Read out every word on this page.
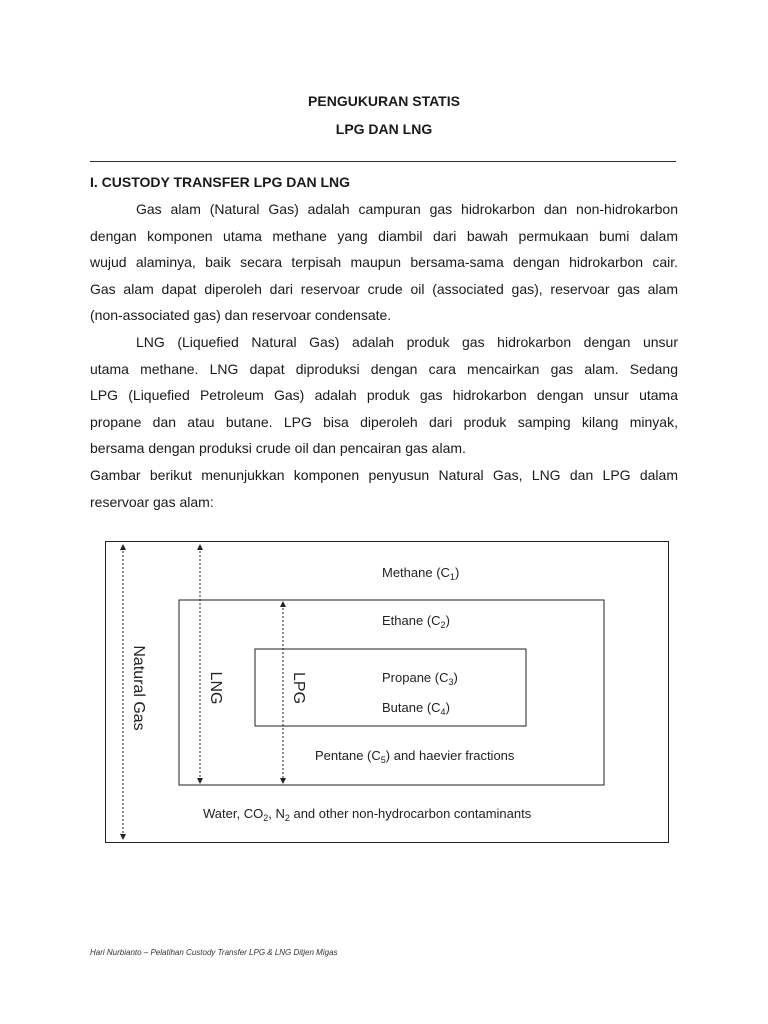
PENGUKURAN STATIS
LPG DAN LNG
I. CUSTODY TRANSFER LPG DAN LNG
Gas alam (Natural Gas) adalah campuran gas hidrokarbon dan non-hidrokarbon
dengan komponen utama methane yang diambil dari bawah permukaan bumi dalam
wujud alaminya, baik secara terpisah maupun bersama-sama dengan hidrokarbon cair.
Gas alam dapat diperoleh dari reservoar crude oil (associated gas), reservoar gas alam
(non-associated gas) dan reservoar condensate.
LNG (Liquefied Natural Gas) adalah produk gas hidrokarbon dengan unsur
utama methane. LNG dapat diproduksi dengan cara mencairkan gas alam. Sedang
LPG (Liquefied Petroleum Gas) adalah produk gas hidrokarbon dengan unsur utama
propane dan atau butane. LPG bisa diperoleh dari produk samping kilang minyak,
bersama dengan produksi crude oil dan pencairan gas alam.
Gambar berikut menunjukkan komponen penyusun Natural Gas, LNG dan LPG dalam
reservoar gas alam:
Natural Gas	LNG	LPG
Methane $(C_1)$
Ethane $(C_2)$
Propane $(C_3)$
Butane $(C_4)$
Pentane $(C_5)$ and haevier fractions
Water, $CO_2$, $N_2$ and other non-hydrocarbon contaminants
Hari Nurbianto – Pelatihan Custody Transfer LPG & LNG Ditjen Migas
